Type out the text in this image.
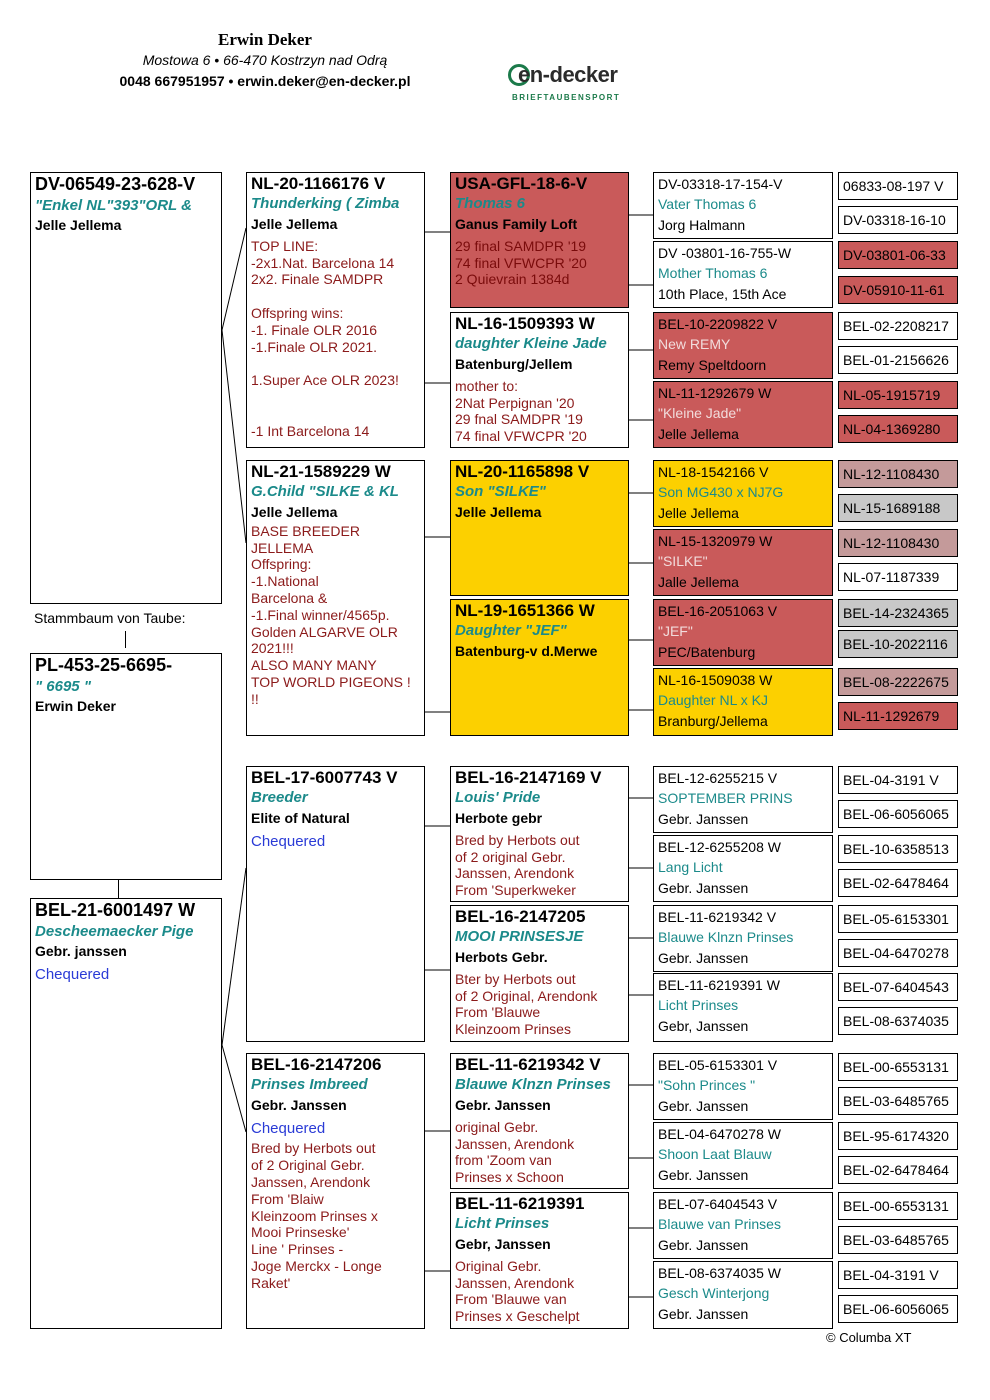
Erwin Deker
Mostowa 6 • 66-470 Kostrzyn nad Odrą
0048 667951957 • erwin.deker@en-decker.pl	en-decker
BRIEFTAUBENSPORT
DV-06549-23-628-V
"Enkel NL"393"ORL &
Jelle Jellema
Stammbaum von Taube:
PL-453-25-6695-
" 6695 "
Erwin Deker
BEL-21-6001497 W
Descheemaecker Pige
Gebr. janssen
Chequered
NL-20-1166176 V
Thunderking ( Zimba
Jelle Jellema
TOP LINE:
-2x1.Nat. Barcelona 14
2x2. Finale SAMDPR

Offspring wins:
-1. Finale OLR 2016
-1.Finale OLR 2021.

1.Super Ace OLR 2023!

-1 Int Barcelona 14
NL-21-1589229 W
G.Child "SILKE & KL
Jelle Jellema
BASE BREEDER
JELLEMA
Offspring:
-1.National
Barcelona &
-1.Final winner/4565p.
Golden ALGARVE OLR
2021!!!
ALSO MANY MANY
TOP WORLD PIGEONS !
!!
BEL-17-6007743 V
Breeder
Elite of Natural
Chequered
BEL-16-2147206
Prinses Imbreed
Gebr. Janssen
Chequered
Bred by Herbots out
of 2 Original Gebr.
Janssen, Arendonk
From 'Blaiw
Kleinzoom Prinses x
Mooi Prinseske'
Line ' Prinses -
Joge Merckx - Longe
Raket'
USA-GFL-18-6-V
Thomas 6
Ganus Family Loft
29 final SAMDPR '19
74 final VFWCPR '20
2 Quievrain 1384d
NL-16-1509393 W
daughter Kleine Jade
Batenburg/Jellem
mother to:
2Nat Perpignan '20
29 fnal SAMDPR '19
74 final VFWCPR '20
NL-20-1165898 V
Son "SILKE"
Jelle Jellema
NL-19-1651366 W
Daughter "JEF"
Batenburg-v d.Merwe
BEL-16-2147169 V
Louis' Pride
Herbote gebr
Bred by Herbots out
of 2 original Gebr.
Janssen, Arendonk
From 'Superkweker
BEL-16-2147205
MOOI PRINSESJE
Herbots Gebr.
Bter by Herbots out
of 2 Original, Arendonk
From 'Blauwe
Kleinzoom Prinses
BEL-11-6219342 V
Blauwe Klnzn Prinses
Gebr. Janssen
original Gebr.
Janssen, Arendonk
from 'Zoom van
Prinses x Schoon
BEL-11-6219391
Licht Prinses
Gebr, Janssen
Original Gebr.
Janssen, Arendonk
From 'Blauwe van
Prinses x Geschelpt
DV-03318-17-154-V
Vater Thomas 6
Jorg Halmann
DV -03801-16-755-W
Mother Thomas 6
10th Place, 15th Ace
BEL-10-2209822 V
New REMY
Remy Speltdoorn
NL-11-1292679 W
"Kleine Jade"
Jelle Jellema
NL-18-1542166 V
Son MG430 x NJ7G
Jelle Jellema
NL-15-1320979 W
"SILKE"
Jalle Jellema
BEL-16-2051063 V
"JEF"
PEC/Batenburg
NL-16-1509038 W
Daughter NL x KJ
Branburg/Jellema
BEL-12-6255215 V
SOPTEMBER PRINS
Gebr. Janssen
BEL-12-6255208 W
Lang Licht
Gebr. Janssen
BEL-11-6219342 V
Blauwe Klnzn Prinses
Gebr. Janssen
BEL-11-6219391 W
Licht Prinses
Gebr, Janssen
BEL-05-6153301 V
"Sohn Princes "
Gebr. Janssen
BEL-04-6470278 W
Shoon Laat Blauw
Gebr. Janssen
BEL-07-6404543 V
Blauwe van Prinses
Gebr. Janssen
BEL-08-6374035 W
Gesch Winterjong
Gebr. Janssen
06833-08-197 V
DV-03318-16-10
DV-03801-06-33
DV-05910-11-61
BEL-02-2208217
BEL-01-2156626
NL-05-1915719
NL-04-1369280
NL-12-1108430
NL-15-1689188
NL-12-1108430
NL-07-1187339
BEL-14-2324365
BEL-10-2022116
BEL-08-2222675
NL-11-1292679
BEL-04-3191 V
BEL-06-6056065
BEL-10-6358513
BEL-02-6478464
BEL-05-6153301
BEL-04-6470278
BEL-07-6404543
BEL-08-6374035
BEL-00-6553131
BEL-03-6485765
BEL-95-6174320
BEL-02-6478464
BEL-00-6553131
BEL-03-6485765
BEL-04-3191 V
BEL-06-6056065
© Columba XT
